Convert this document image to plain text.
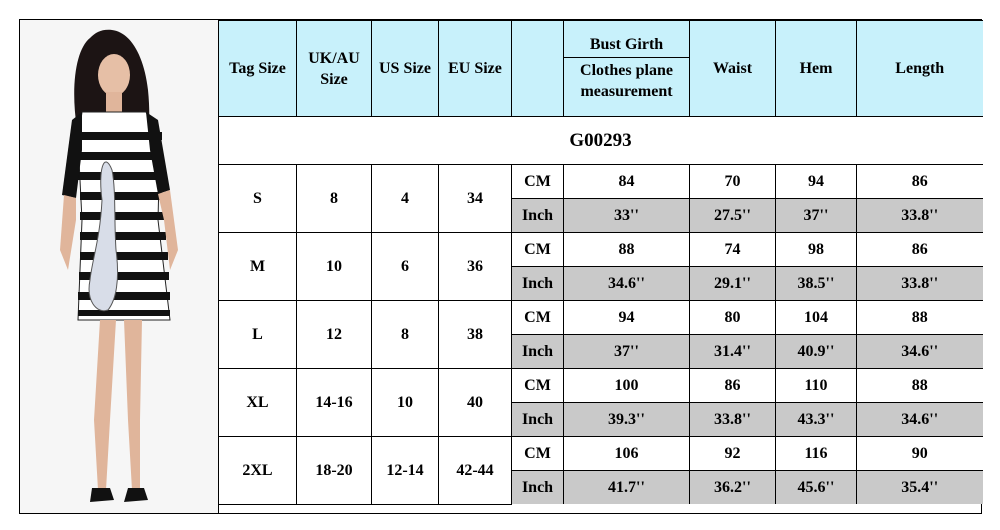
G00293								
Tag Size	UK/AU Size	US Size	EU Size		Bust Girth
Clothes plane measurement	Waist	Hem	Length
S	8	4	34	CM	84	70	94	86
				Inch	33''	27.5''	37''	33.8''
M	10	6	36	CM	88	74	98	86
				Inch	34.6''	29.1''	38.5''	33.8''
L	12	8	38	CM	94	80	104	88
				Inch	37''	31.4''	40.9''	34.6''
XL	14-16	10	40	CM	100	86	110	88
				Inch	39.3''	33.8''	43.3''	34.6''
2XL	18-20	12-14	42-44	CM	106	92	116	90
				Inch	41.7''	36.2''	45.6''	35.4''
